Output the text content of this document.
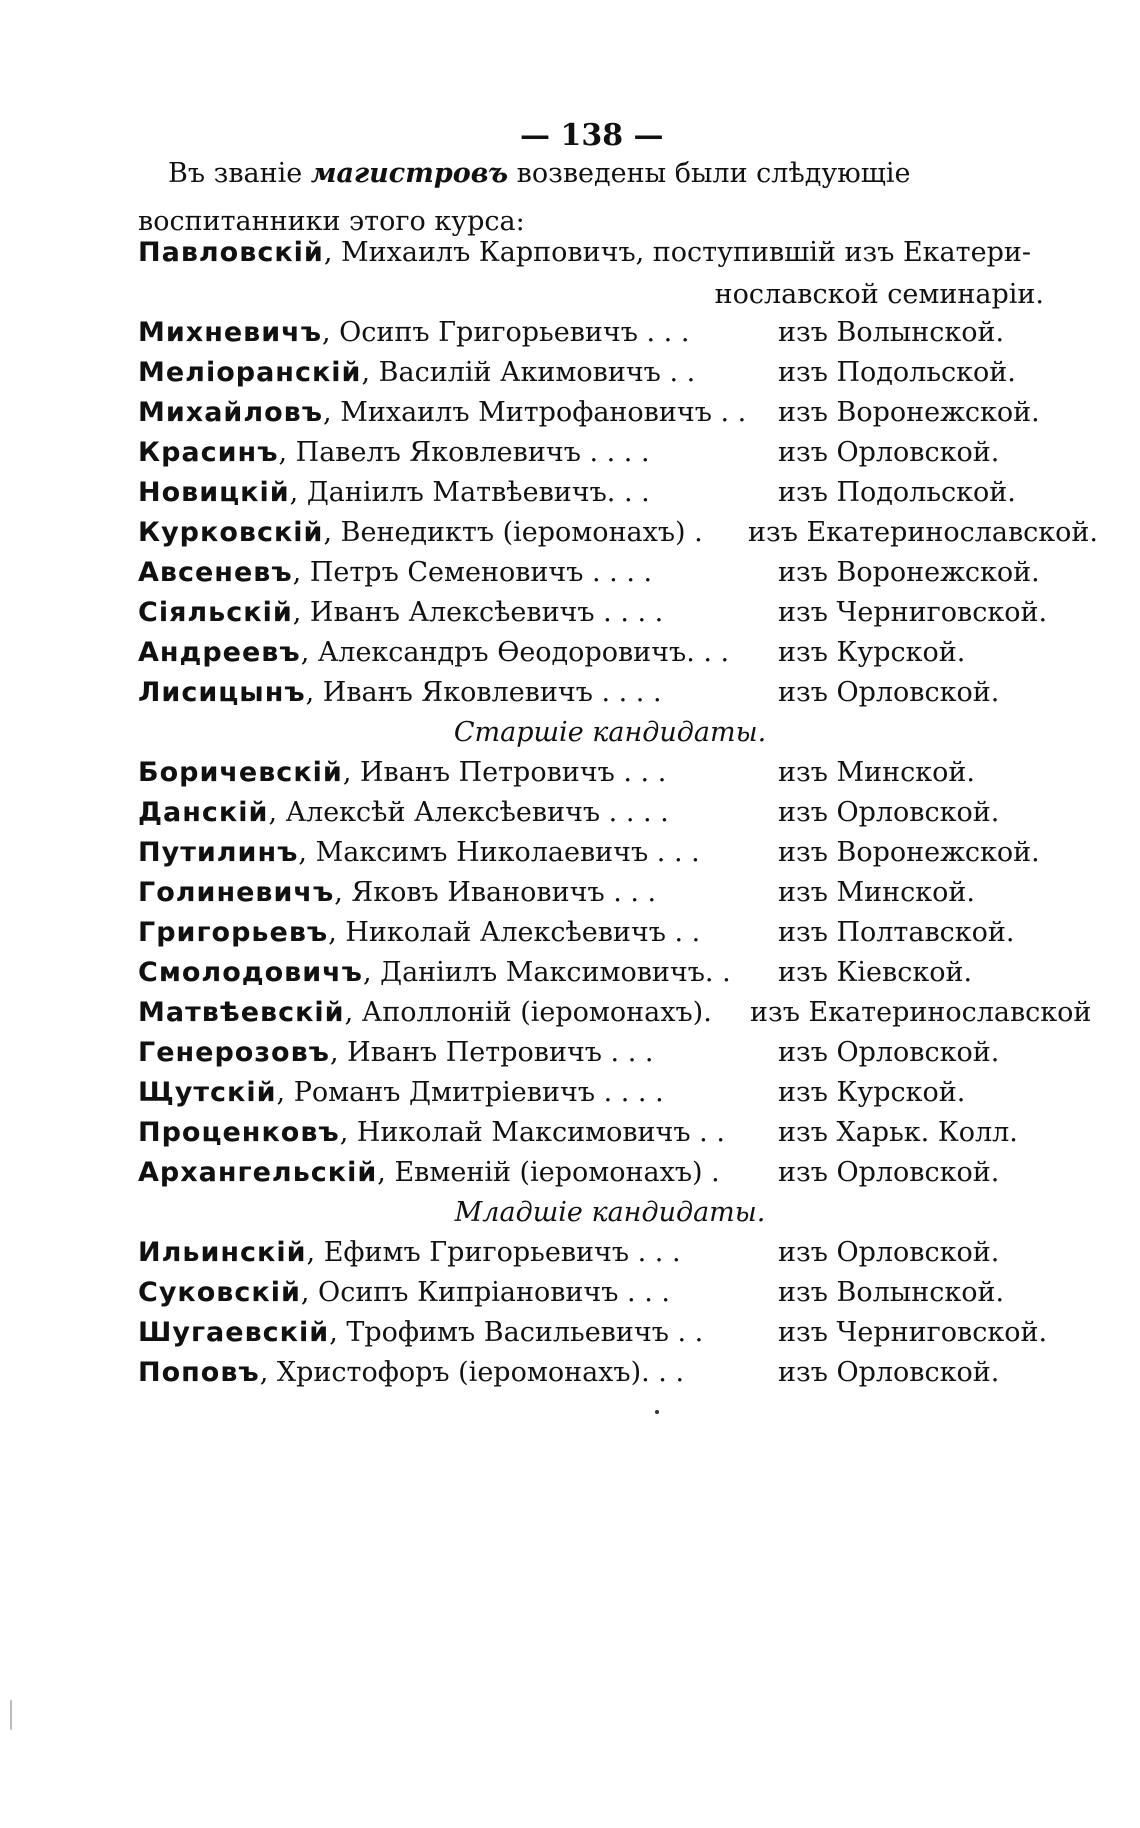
— 138 —
Въ званіе магистровъ возведены были слѣдующіе воспитанники этого курса:
Павловскій, Михаилъ Карповичъ, поступившій изъ Екатери-
нославской семинаріи.
Михневичъ, Осипъ Григорьевичъ . . .	изъ Волынской.
Меліоранскій, Василій Акимовичъ . .	изъ Подольской.
Михайловъ, Михаилъ Митрофановичъ . . изъ Воронежской.
Красинъ, Павелъ Яковлевичъ . . . .	изъ Орловской.
Новицкій, Даніилъ Матвѣевичъ. . .	изъ Подольской.
Курковскій, Венедиктъ (іеромонахъ) . изъ Екатеринославской.
Авсеневъ, Петръ Семеновичъ . . . .	изъ Воронежской.
Сіяльскій, Иванъ Алексѣевичъ . . . .	изъ Черниговской.
Андреевъ, Александръ Ѳеодоровичъ. . . изъ Курской.
Лисицынъ, Иванъ Яковлевичъ . . . .	изъ Орловской.
Старшіе кандидаты.
Боричевскій, Иванъ Петровичъ . . .	изъ Минской.
Данскій, Алексѣй Алексѣевичъ . . . .	изъ Орловской.
Путилинъ, Максимъ Николаевичъ . . .	изъ Воронежской.
Голиневичъ, Яковъ Ивановичъ . . .	изъ Минской.
Григорьевъ, Николай Алексѣевичъ . .	изъ Полтавской.
Смолодовичъ, Даніилъ Максимовичъ. . изъ Кіевской.
Матвѣевскій, Аполлоній (іеромонахъ). изъ Екатеринославской
Генерозовъ, Иванъ Петровичъ . . .	изъ Орловской.
Щутскій, Романъ Дмитріевичъ . . . .	изъ Курской.
Проценковъ, Николай Максимовичъ . . изъ Харьк. Колл.
Архангельскій, Евменій (іеромонахъ) . изъ Орловской.
Младшіе кандидаты.
Ильинскій, Ефимъ Григорьевичъ . . .	изъ Орловской.
Суковскій, Осипъ Кипріановичъ . . .	изъ Волынской.
Шугаевскій, Трофимъ Васильевичъ . .	изъ Черниговской.
Поповъ, Христофоръ (іеромонахъ). . .	изъ Орловской.
